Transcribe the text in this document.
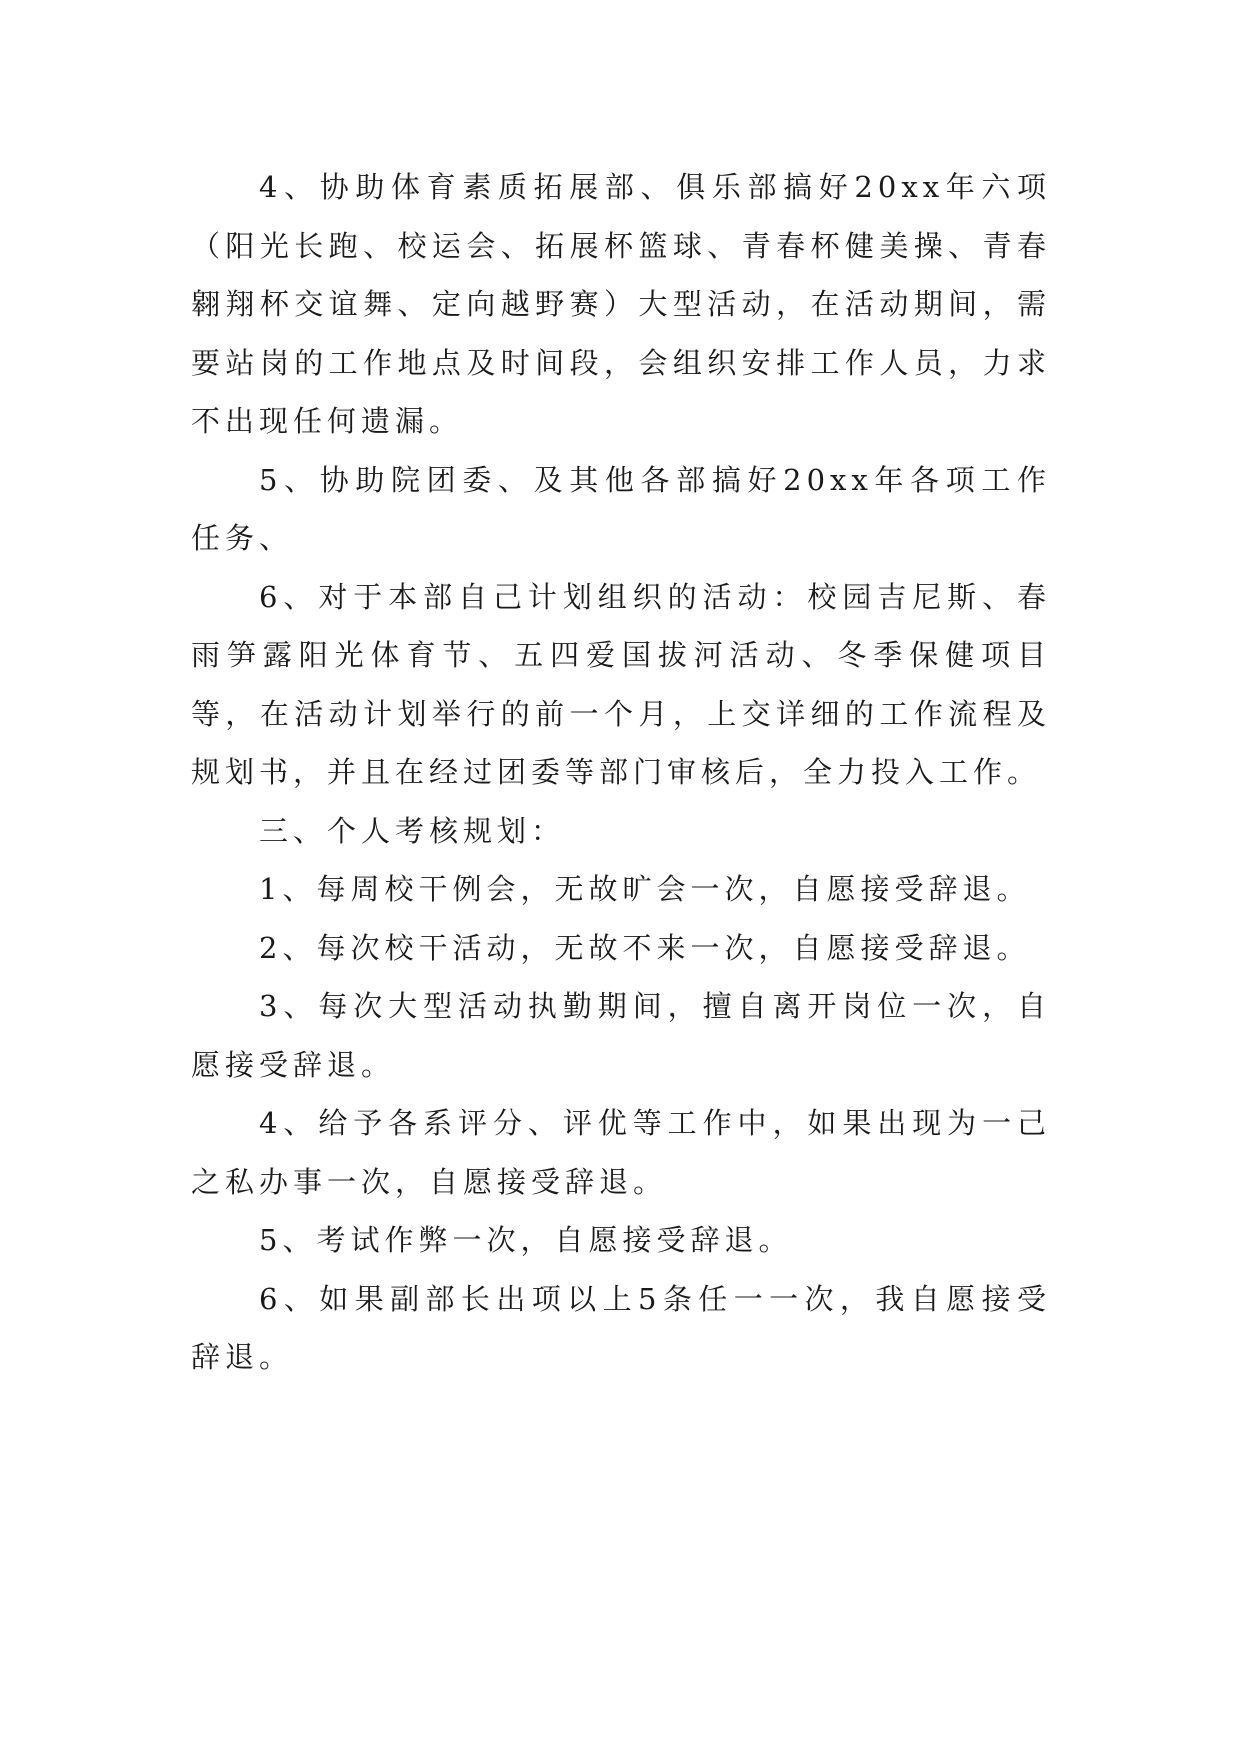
4、协助体育素质拓展部、俱乐部搞好20xx年六项（阳光长跑、校运会、拓展杯篮球、青春杯健美操、青春翱翔杯交谊舞、定向越野赛）大型活动，在活动期间，需要站岗的工作地点及时间段，会组织安排工作人员，力求不出现任何遗漏。

5、协助院团委、及其他各部搞好20xx年各项工作任务、

6、对于本部自己计划组织的活动：校园吉尼斯、春雨笋露阳光体育节、五四爱国拔河活动、冬季保健项目等，在活动计划举行的前一个月，上交详细的工作流程及规划书，并且在经过团委等部门审核后，全力投入工作。

三、个人考核规划：

1、每周校干例会，无故旷会一次，自愿接受辞退。

2、每次校干活动，无故不来一次，自愿接受辞退。

3、每次大型活动执勤期间，擅自离开岗位一次，自愿接受辞退。

4、给予各系评分、评优等工作中，如果出现为一己之私办事一次，自愿接受辞退。

5、考试作弊一次，自愿接受辞退。

6、如果副部长出项以上5条任一一次，我自愿接受辞退。
